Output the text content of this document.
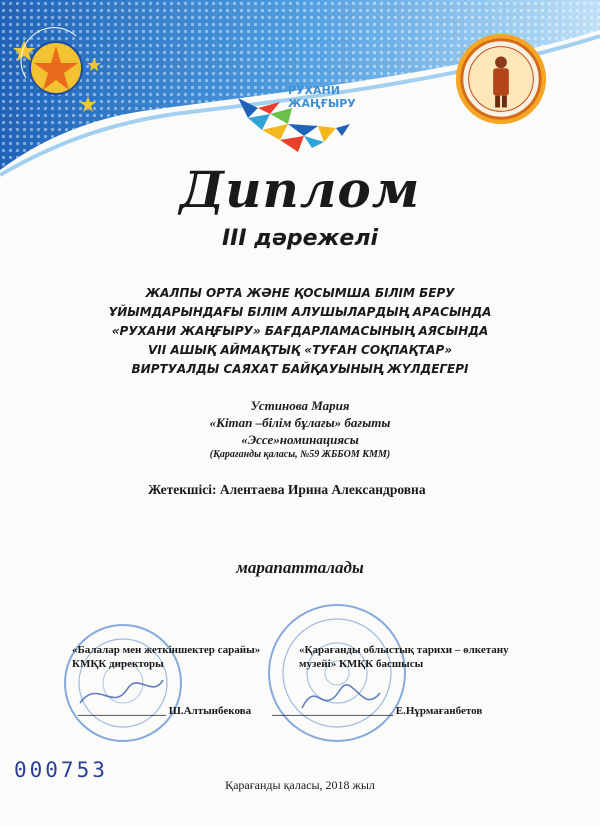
РУХАНИ
ЖАҢҒЫРУ
Диплом
III дәрежелі
ЖАЛПЫ ОРТА ЖӘНЕ ҚОСЫМША БІЛІМ БЕРУ
ҰЙЫМДАРЫНДАҒЫ БІЛІМ АЛУШЫЛАРДЫҢ АРАСЫНДА
«РУХАНИ ЖАҢҒЫРУ» БАҒДАРЛАМАСЫНЫҢ АЯСЫНДА
VII АШЫҚ АЙМАҚТЫҚ «ТУҒАН СОҚПАҚТАР»
ВИРТУАЛДЫ САЯХАТ БАЙҚАУЫНЫҢ ЖҮЛДЕГЕРІ
Устинова Мария
«Кітап –білім бұлағы» бағыты
«Эссе»номинациясы
(Қарағанды қаласы, №59 ЖББОМ КММ)
Жетекшісі: Алентаева Ирина Александровна
марапатталады
«Балалар мен жеткіншектер сарайы»
КМҚК директоры
«Қарағанды облыстық тарихи – өлкетану
музейі» КМҚК басшысы
________________ Ш.Алтынбекова ______________________ Е.Нұрмағанбетов
000753
Қарағанды қаласы, 2018 жыл
